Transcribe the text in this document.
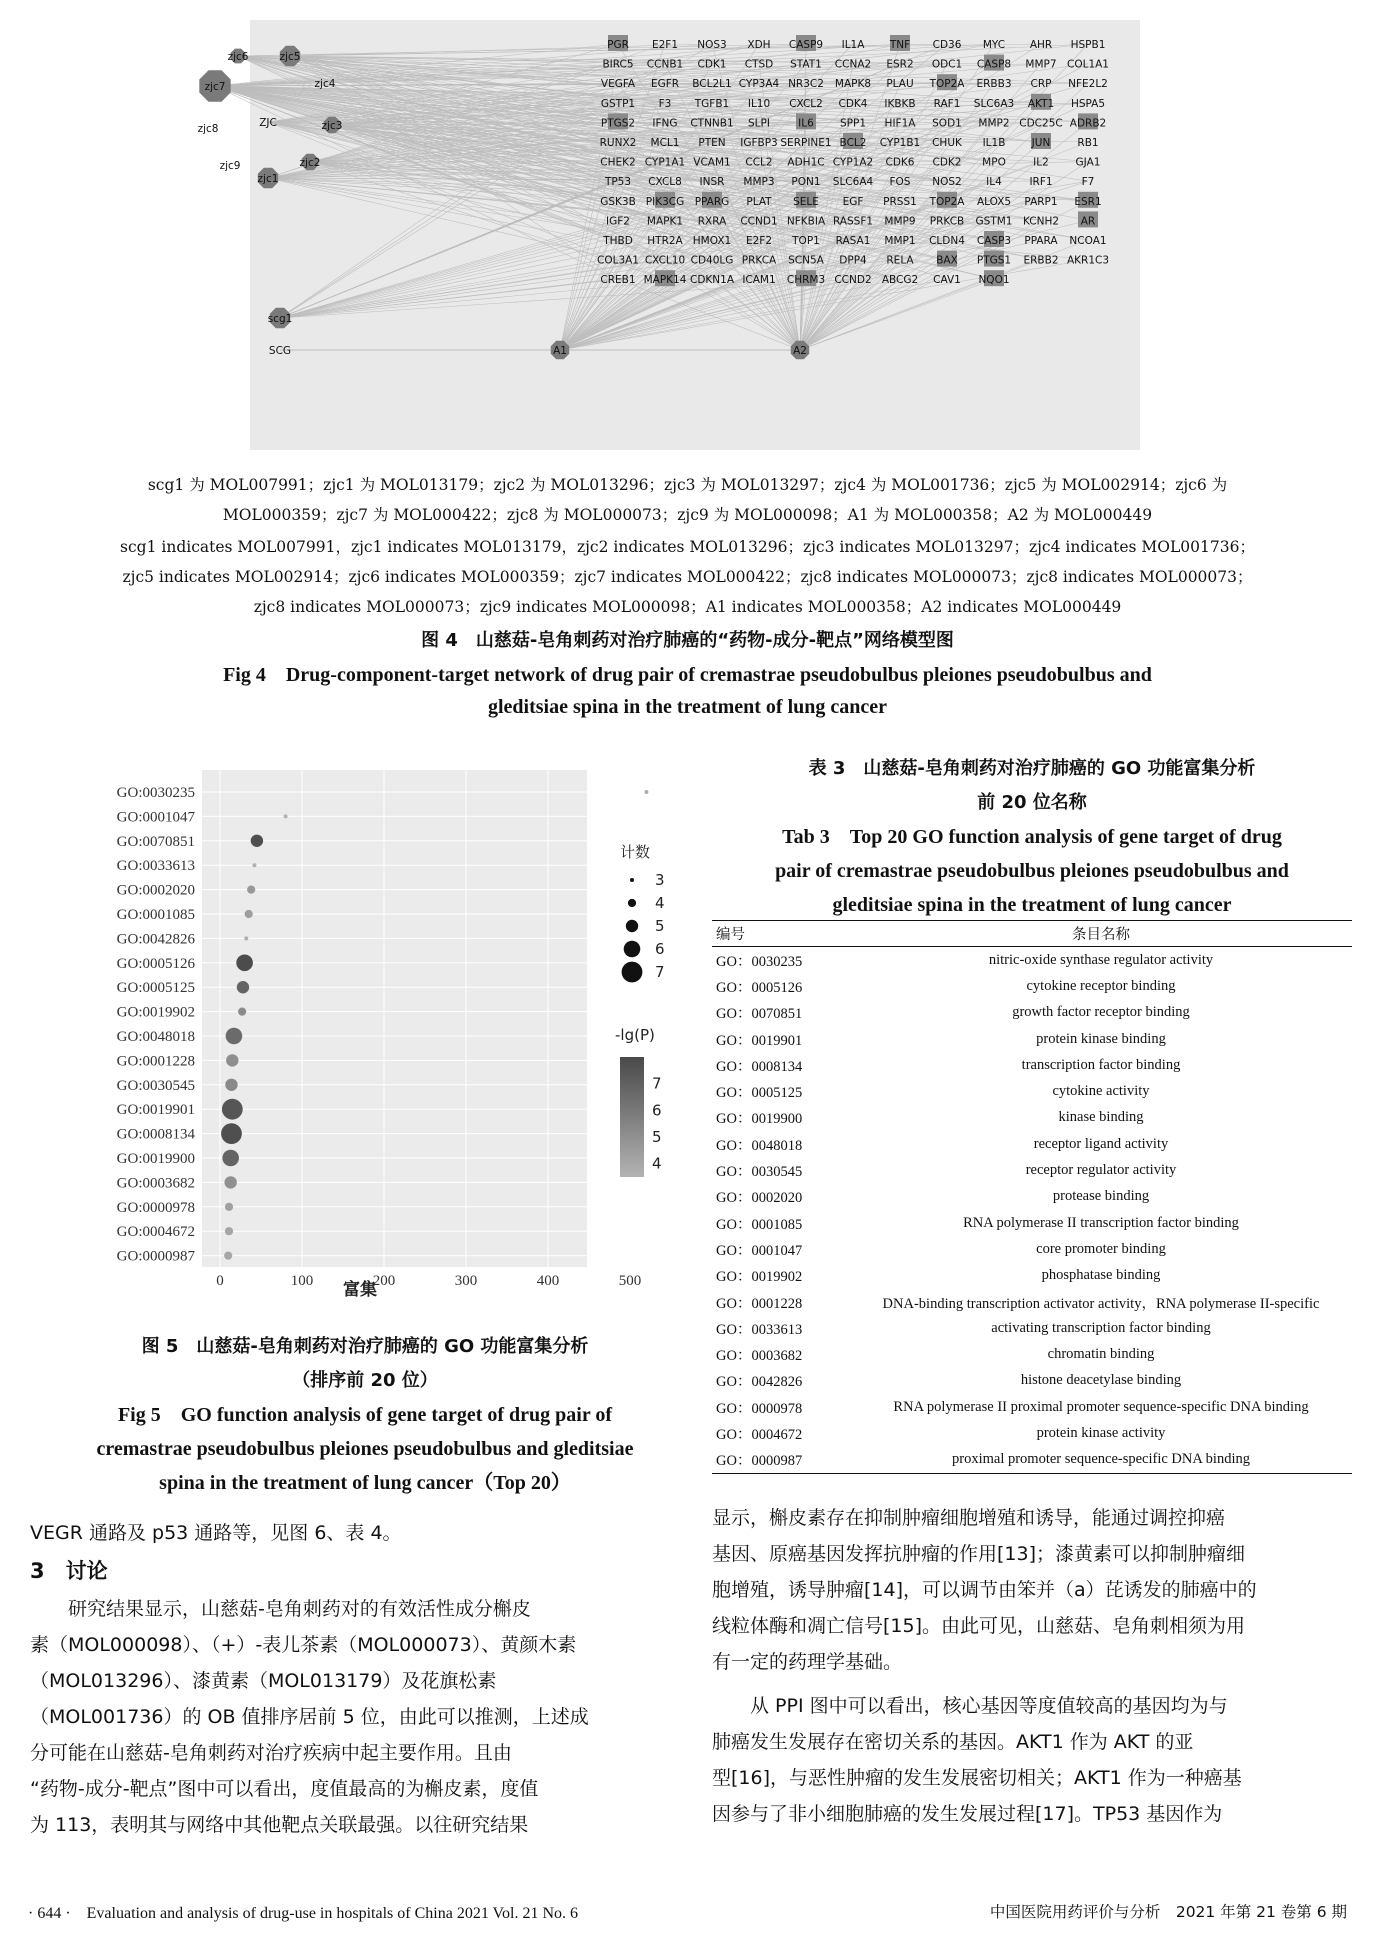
PGR E2F1 NOS3 XDH CASP9 IL1A TNF CD36 MYC AHR HSPB1
BIRC5 CCNB1 CDK1 CTSD STAT1 CCNA2 ESR2 ODC1 CASP8 MMP7 COL1A1
VEGFA EGFR BCL2L1 CYP3A4 NR3C2 MAPK8 PLAU TOP2A ERBB3 CRP NFE2L2
GSTP1 F3 TGFB1 IL10 CXCL2 CDK4 IKBKB RAF1 SLC6A3 AKT1 HSPA5
PTGS2 IFNG CTNNB1 SLPI	IL6 SPP1 HIF1A SOD1 MMP2 CDC25C ADRB2
RUNX2 MCL1 PTEN IGFBP3 SERPINE1 BCL2 CYP1B1 CHUK IL1B	JUN	RB1
CHEK2 CYP1A1 VCAM1 CCL2 ADH1C CYP1A2 CDK6 CDK2 MPO	IL2	GJA1
TP53 CXCL8 INSR MMP3 PON1 SLC6A4 FOS NOS2 IL4	IRF1	F7
GSK3B PIK3CG PPARG PLAT SELE EGF PRSS1 TOP2A ALOX5 PARP1 ESR1
IGF2 MAPK1 RXRA CCND1 NFKBIA RASSF1 MMP9 PRKCB GSTM1 KCNH2 AR
THBD HTR2A HMOX1 E2F2 TOP1 RASA1 MMP1 CLDN4 CASP3 PPARA NCOA1
COL3A1 CXCL10 CD40LG PRKCA SCN5A DPP4 RELA BAX PTGS1 ERBB2 AKR1C3
CREB1 MAPK14 CDKN1A ICAM1 CHRM3 CCND2 ABCG2 CAV1 NQO1
zjc6	zjc5
zjc7	zjc4
zjc8	ZJC	zjc3
zjc9	zjc2
zjc1
scg1
SCG	A1	A2
scg1 为 MOL007991；zjc1 为 MOL013179；zjc2 为 MOL013296；zjc3 为 MOL013297；zjc4 为 MOL001736；zjc5 为 MOL002914；zjc6 为
MOL000359；zjc7 为 MOL000422；zjc8 为 MOL000073；zjc9 为 MOL000098；A1 为 MOL000358；A2 为 MOL000449
scg1 indicates MOL007991，zjc1 indicates MOL013179，zjc2 indicates MOL013296；zjc3 indicates MOL013297；zjc4 indicates MOL001736；
zjc5 indicates MOL002914；zjc6 indicates MOL000359；zjc7 indicates MOL000422；zjc8 indicates MOL000073；zjc8 indicates MOL000073；
zjc8 indicates MOL000073；zjc9 indicates MOL000098；A1 indicates MOL000358；A2 indicates MOL000449
图 4　山慈菇-皂角刺药对治疗肺癌的“药物-成分-靶点”网络模型图
Fig 4　Drug-component-target network of drug pair of cremastrae pseudobulbus pleiones pseudobulbus and
gleditsiae spina in the treatment of lung cancer
GO:0030235
GO:0001047
GO:0070851
GO:0033613
GO:0002020
GO:0001085
GO:0042826
GO:0005126
GO:0005125
GO:0019902
GO:0048018
GO:0001228
GO:0030545
GO:0019901
GO:0008134
GO:0019900
GO:0003682
GO:0000978
GO:0004672
GO:0000987
0	100	200	300	400	500
富集
计数
3
4
5
6
7
-lg(P)
7
6
5
4
图 5　山慈菇-皂角刺药对治疗肺癌的 GO 功能富集分析
（排序前 20 位）
Fig 5　GO function analysis of gene target of drug pair of
cremastrae pseudobulbus pleiones pseudobulbus and gleditsiae
spina in the treatment of lung cancer（Top 20）
表 3　山慈菇-皂角刺药对治疗肺癌的 GO 功能富集分析
前 20 位名称
Tab 3　Top 20 GO function analysis of gene target of drug
pair of cremastrae pseudobulbus pleiones pseudobulbus and
gleditsiae spina in the treatment of lung cancer
编号	条目名称
GO：0030235	nitric-oxide synthase regulator activity
GO：0005126	cytokine receptor binding
GO：0070851	growth factor receptor binding
GO：0019901	protein kinase binding
GO：0008134	transcription factor binding
GO：0005125	cytokine activity
GO：0019900	kinase binding
GO：0048018	receptor ligand activity
GO：0030545	receptor regulator activity
GO：0002020	protease binding
GO：0001085	RNA polymerase II transcription factor binding
GO：0001047	core promoter binding
GO：0019902	phosphatase binding
GO：0001228	DNA-binding transcription activator activity，RNA polymerase II-specific
GO：0033613	activating transcription factor binding
GO：0003682	chromatin binding
GO：0042826	histone deacetylase binding
GO：0000978	RNA polymerase II proximal promoter sequence-specific DNA binding
GO：0004672	protein kinase activity
GO：0000987	proximal promoter sequence-specific DNA binding
VEGR 通路及 p53 通路等，见图 6、表 4。
3　讨论
　　研究结果显示，山慈菇-皂角刺药对的有效活性成分槲皮
素（MOL000098）、（+）-表儿茶素（MOL000073）、黄颜木素
（MOL013296）、漆黄素（MOL013179）及花旗松素
（MOL001736）的 OB 值排序居前 5 位，由此可以推测，上述成
分可能在山慈菇-皂角刺药对治疗疾病中起主要作用。且由
“药物-成分-靶点”图中可以看出，度值最高的为槲皮素，度值
为 113，表明其与网络中其他靶点关联最强。以往研究结果
显示，槲皮素存在抑制肿瘤细胞增殖和诱导，能通过调控抑癌
基因、原癌基因发挥抗肿瘤的作用[13]；漆黄素可以抑制肿瘤细
胞增殖，诱导肿瘤[14]，可以调节由笨并（a）芘诱发的肺癌中的
线粒体酶和凋亡信号[15]。由此可见，山慈菇、皂角刺相须为用
有一定的药理学基础。
　　从 PPI 图中可以看出，核心基因等度值较高的基因均为与
肺癌发生发展存在密切关系的基因。AKT1 作为 AKT 的亚
型[16]，与恶性肿瘤的发生发展密切相关；AKT1 作为一种癌基
因参与了非小细胞肺癌的发生发展过程[17]。TP53 基因作为
· 644 ·　Evaluation and analysis of drug-use in hospitals of China 2021 Vol. 21 No. 6	中国医院用药评价与分析　2021 年第 21 卷第 6 期
